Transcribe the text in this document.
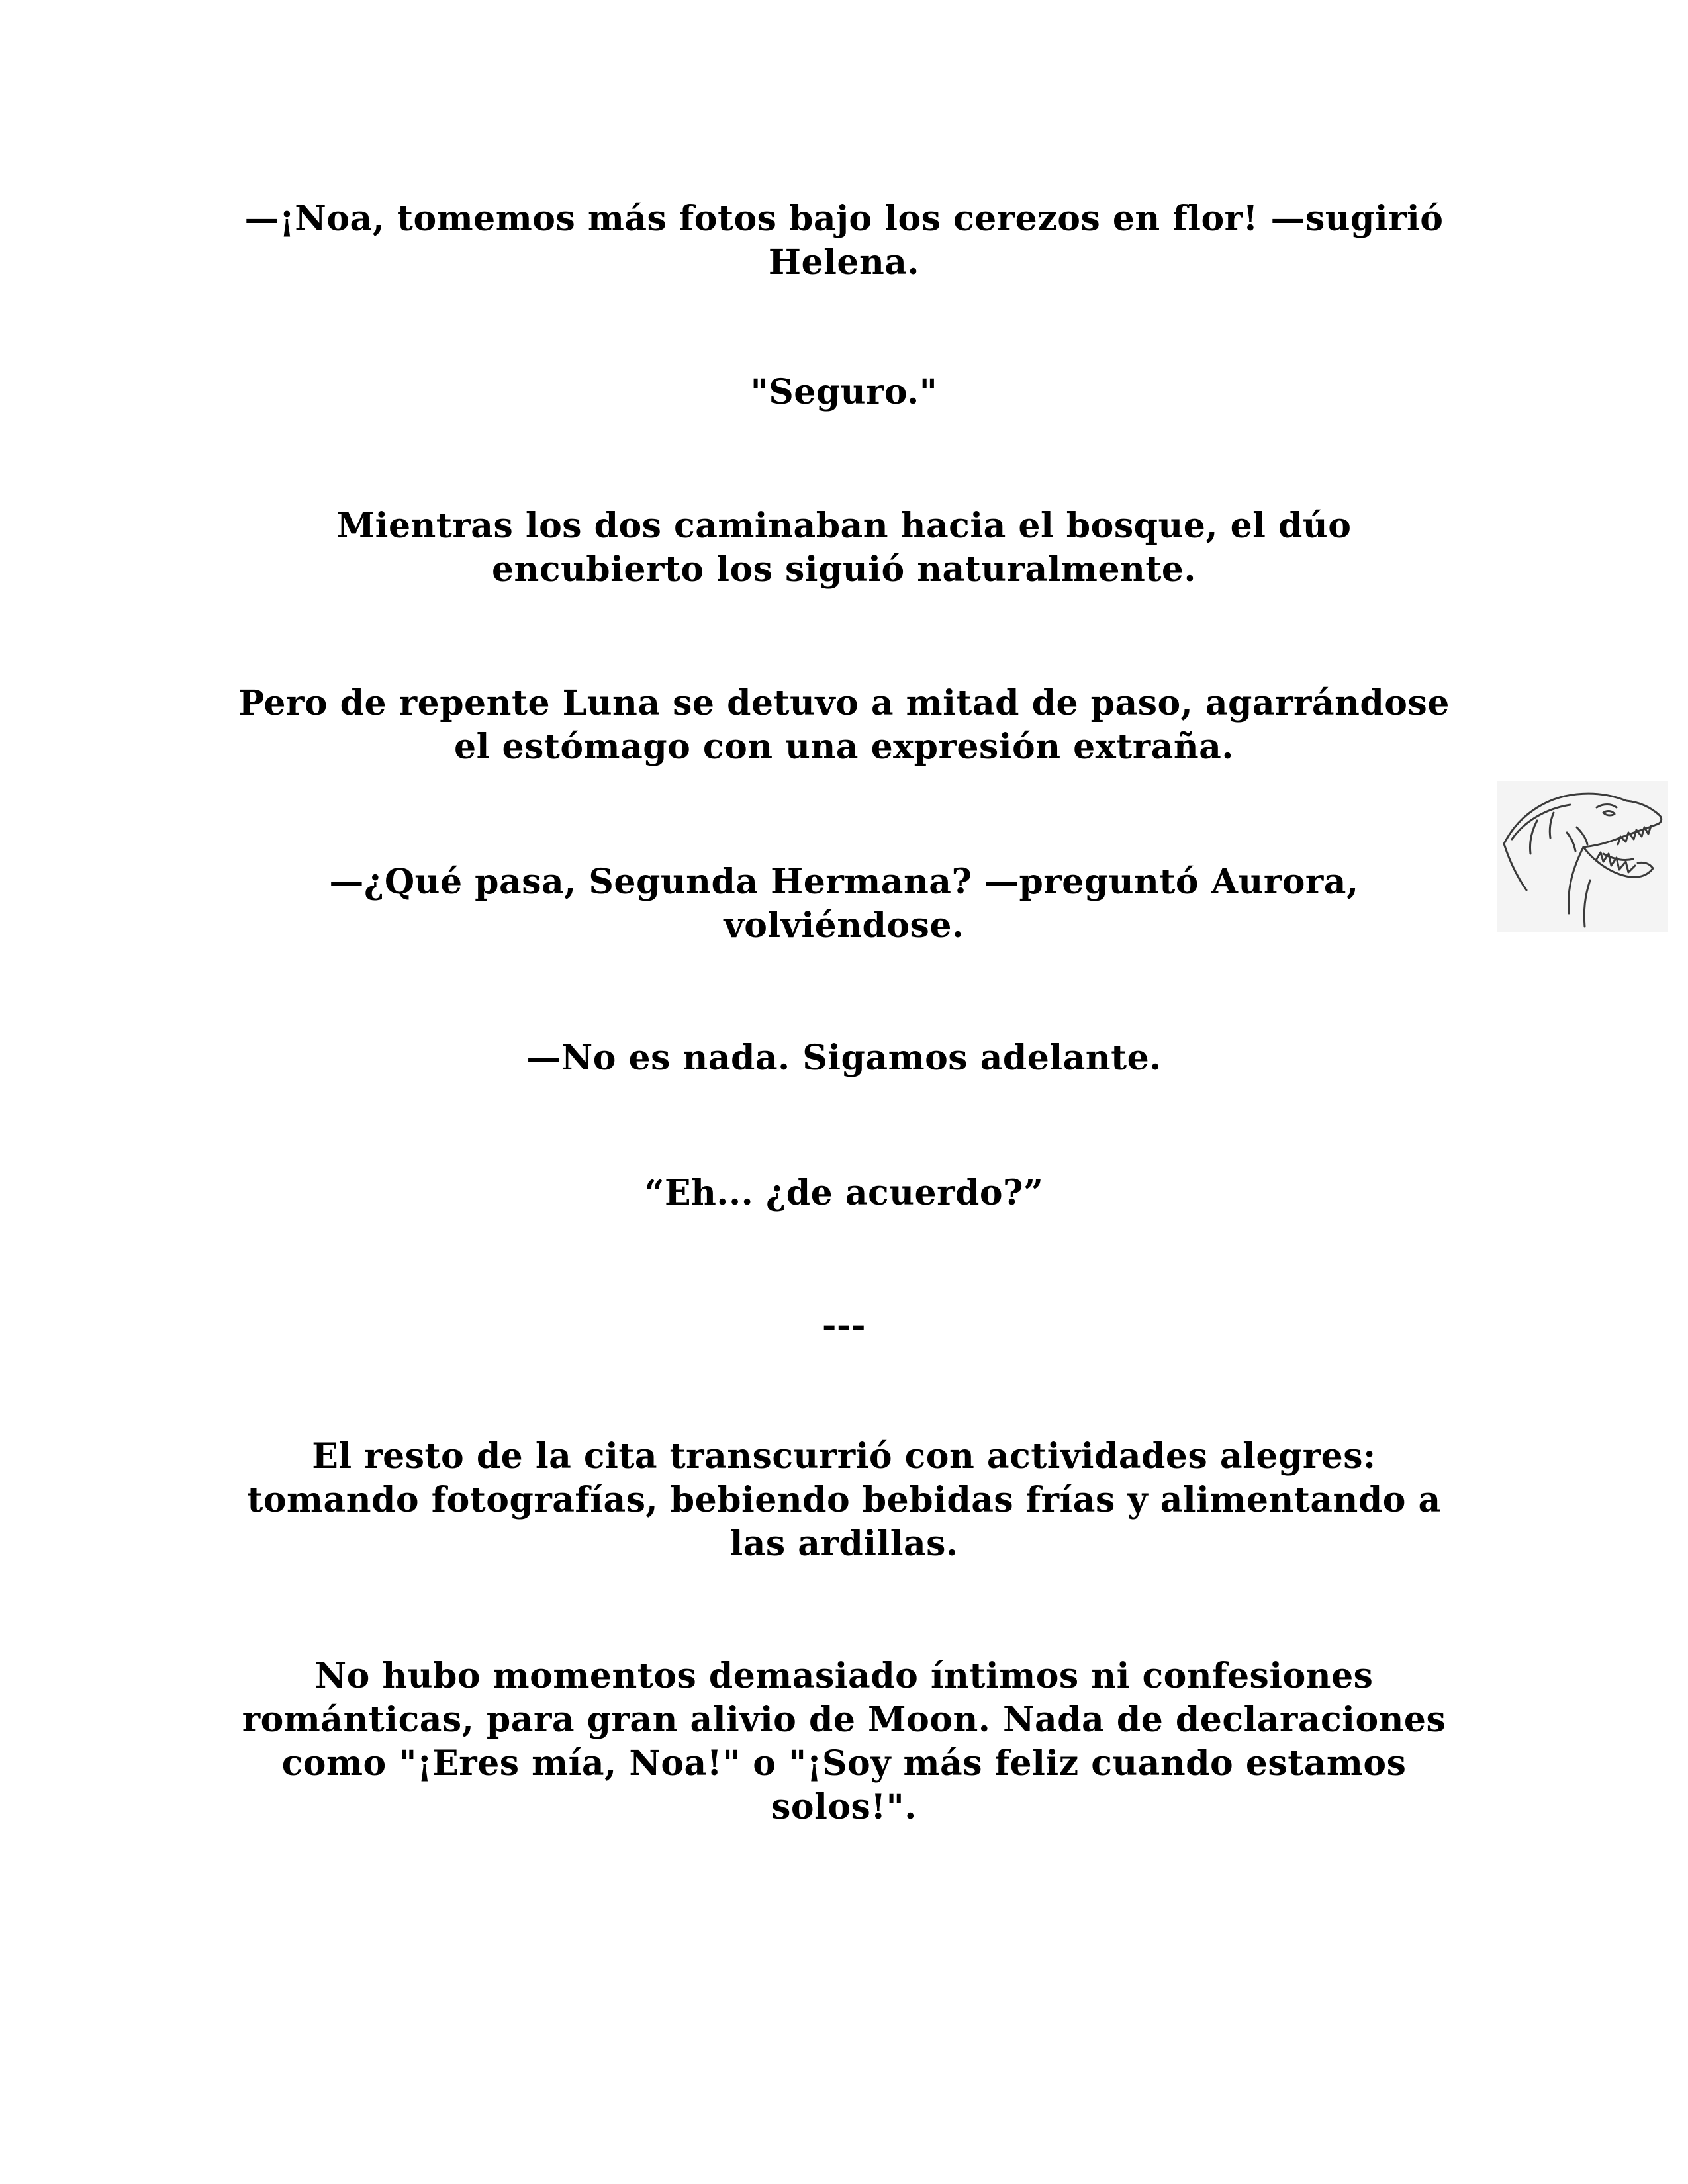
—¡Noa, tomemos más fotos bajo los cerezos en flor! —sugirió Helena.

"Seguro."

Mientras los dos caminaban hacia el bosque, el dúo encubierto los siguió naturalmente.

Pero de repente Luna se detuvo a mitad de paso, agarrándose el estómago con una expresión extraña.

—¿Qué pasa, Segunda Hermana? —preguntó Aurora, volviéndose.

—No es nada. Sigamos adelante.

“Eh... ¿de acuerdo?”

---

El resto de la cita transcurrió con actividades alegres: tomando fotografías, bebiendo bebidas frías y alimentando a las ardillas.

No hubo momentos demasiado íntimos ni confesiones románticas, para gran alivio de Moon. Nada de declaraciones como "¡Eres mía, Noa!" o "¡Soy más feliz cuando estamos solos!".
